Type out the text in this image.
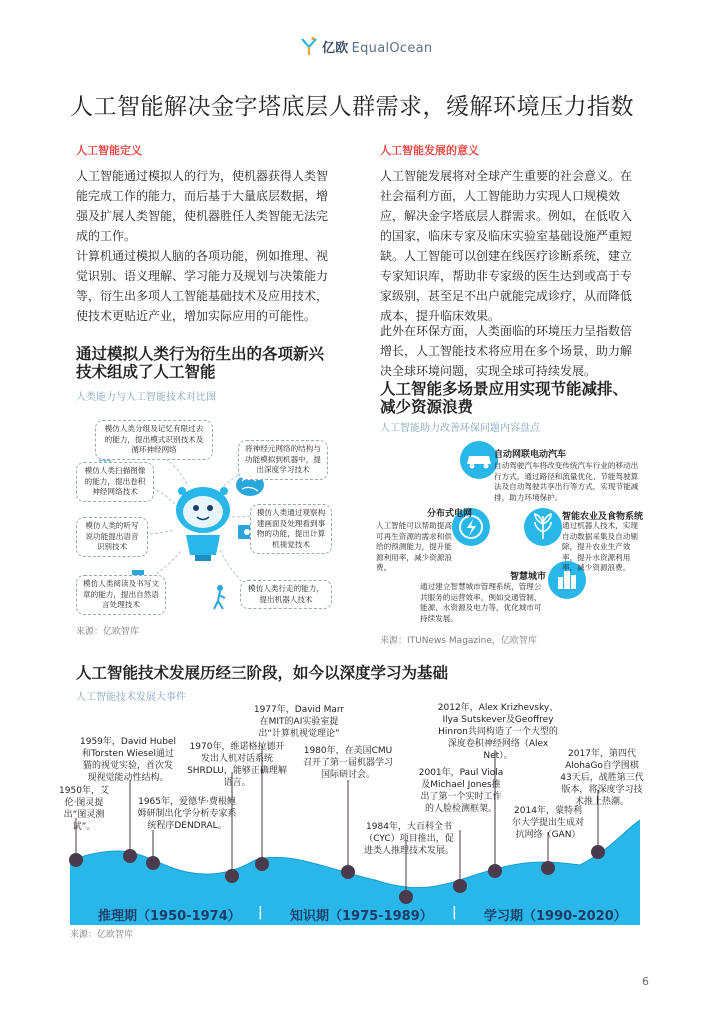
亿欧 EqualOcean
人工智能解决金字塔底层人群需求，缓解环境压力指数
人工智能定义
人工智能通过模拟人的行为，使机器获得人类智能完成工作的能力，而后基于大量底层数据，增强及扩展人类智能，使机器胜任人类智能无法完成的工作。
计算机通过模拟人脑的各项功能，例如推理、视觉识别、语义理解、学习能力及规划与决策能力等，衍生出多项人工智能基础技术及应用技术，使技术更贴近产业，增加实际应用的可能性。
通过模拟人类行为衍生出的各项新兴技术组成了人工智能
人类能力与人工智能技术对比图
模仿人类分组及记忆有限过去的能力，提出模式识别技术及循环神经网络	将神经元网络的结构与功能模拟到机器中，提出深度学习技术
模仿人类扫描图像的能力，提出卷积神经网络技术
模仿人类通过观察构建画面及处理看到事物的功能，提出计算机视觉技术
模仿人类的听写说功能提出语音识别技术
模仿人类阅读及书写文章的能力，提出自然语言处理技术
模仿人类行走的能力，提出机器人技术
来源：亿欧智库
人工智能发展的意义
人工智能发展将对全球产生重要的社会意义。在社会福利方面，人工智能助力实现人口规模效应，解决金字塔底层人群需求。例如，在低收入的国家，临床专家及临床实验室基础设施严重短缺。人工智能可以创建在线医疗诊断系统，建立专家知识库，帮助非专家级的医生达到或高于专家级别，甚至足不出户就能完成诊疗，从而降低成本，提升临床效果。
此外在环保方面，人类面临的环境压力呈指数倍增长，人工智能技术将应用在多个场景，助力解决全球环境问题，实现全球可持续发展。
人工智能多场景应用实现节能减排、减少资源浪费
人工智能助力改善环保问题内容盘点
自动网联电动汽车
自动驾驶汽车将改变传统汽车行业的移动出行方式，通过路径和流量优化、节能驾驶算法及自动驾驶共享出行等方式，实现节能减排，助力环境保护。
分布式电网
人工智能可以帮助提高可再生资源的需求和供给的预测能力，提升能源利用率，减少资源浪费。
智能农业及食物系统
通过机器人技术，实现自动数据采集及自动剔除，提升农业生产效率，提升水资源利用率，减少资源浪费。
智慧城市
通过建立智慧城市管理系统，管理公共服务的运营效率，例如交通管制、能源、水资源及电力等，优化城市可持续发展。
来源：ITUNews Magazine，亿欧智库
人工智能技术发展历经三阶段，如今以深度学习为基础
人工智能技术发展大事件
1950年，艾伦·图灵提出“图灵测试”。
1959年，David Hubel和Torsten Wiesel通过猫的视觉实验，首次发现视觉能动性结构。
1965年，爱德华·费根鲍姆研制出化学分析专家系统程序DENDRAL。
1970年，维诺格拉德开发出人机对话系统SHRDLU，能够正确理解语言。
1977年，David Marr在MIT的AI实验室提出“计算机视觉理论”
1980年，在美国CMU召开了第一届机器学习国际研讨会。
1984年，大百科全书（CYC）项目推出，促进类人推理技术发展。
2001年，Paul Viola及Michael Jones推出了第一个实时工作的人脸检测框架。
2012年，Alex Krizhevsky、Ilya Sutskever及Geoffrey Hinron共同构造了一个大型的深度卷积神经网络（Alex Net）。
2014年，蒙特利尔大学提出生成对抗网络（GAN）
2017年，第四代AlohaGo自学围棋43天后，战胜第三代版本，将深度学习技术推上热潮。
推理期（1950-1974） | 知识期（1975-1989） | 学习期（1990-2020）
来源：亿欧智库
6
